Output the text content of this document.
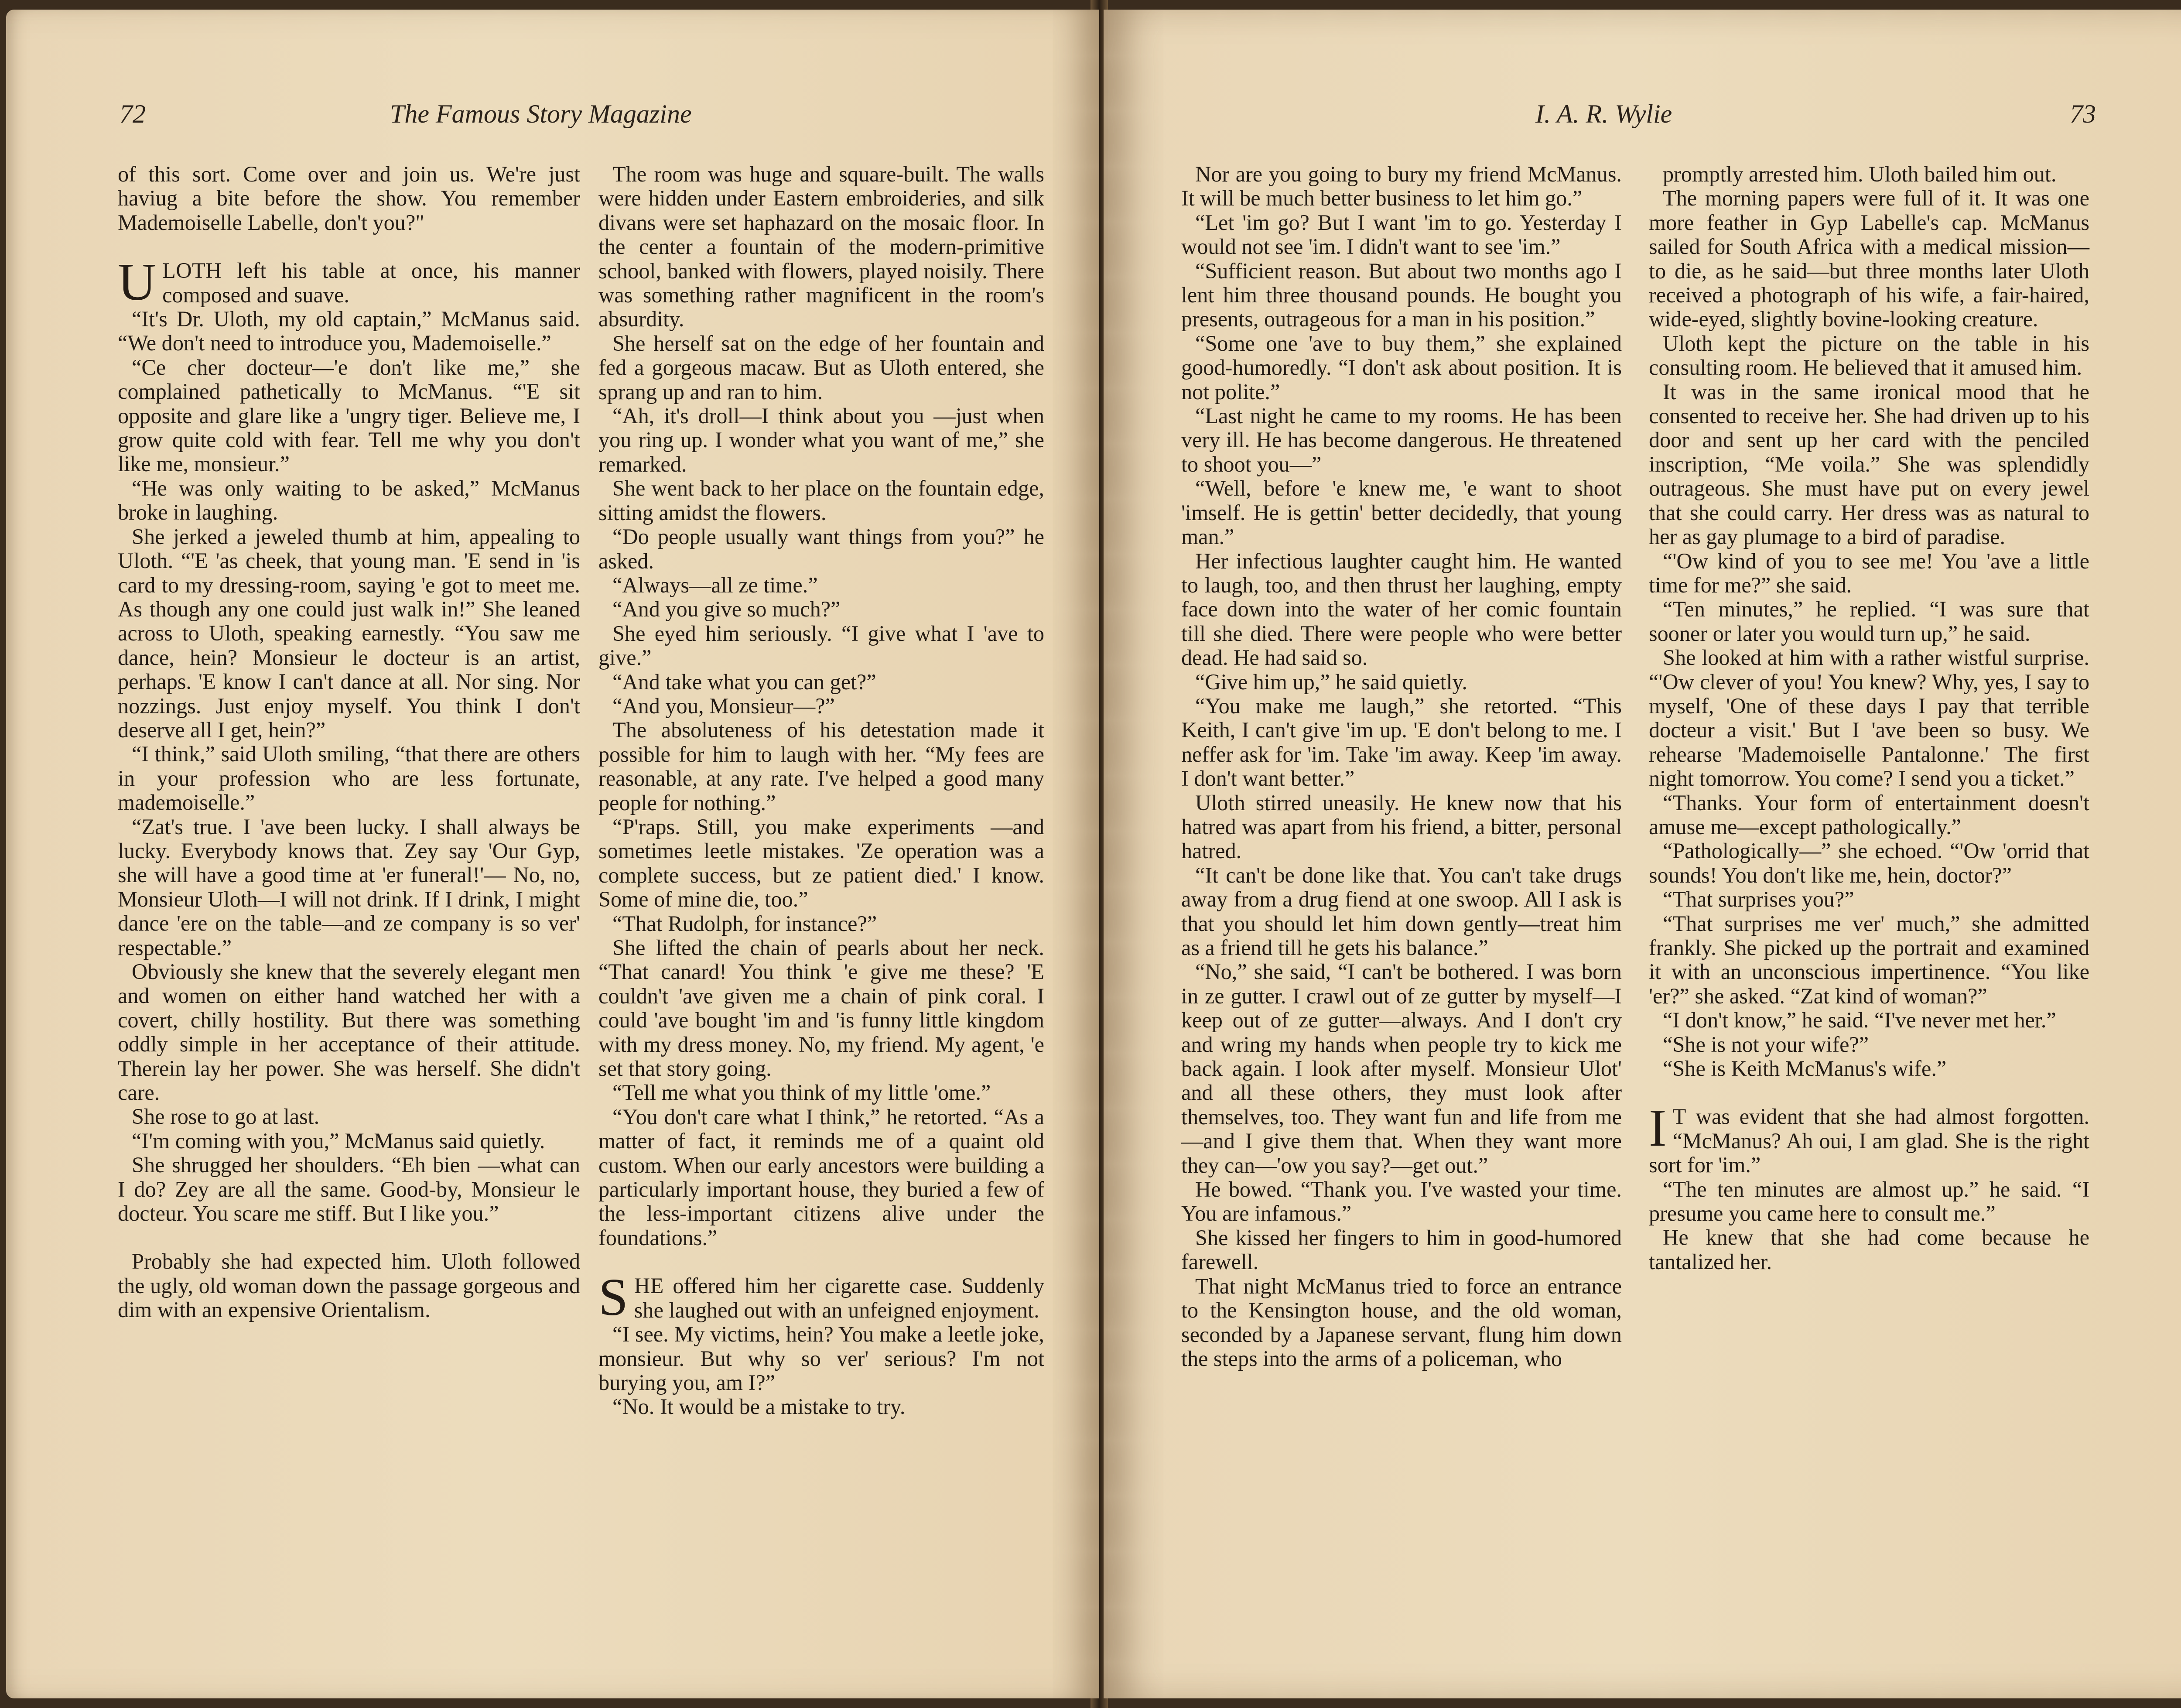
72	The Famous Story Magazine

of this sort. Come over and join us. We're just haviug a bite before the show. You remember Mademoiselle Labelle, don't you?"

U LOTH left his table at once, his manner composed and suave.

“It's Dr. Uloth, my old captain,” McManus said. “We don't need to introduce you, Mademoiselle.”

“Ce cher docteur—'e don't like me,” she complained pathetically to McManus. “'E sit opposite and glare like a 'ungry tiger. Believe me, I grow quite cold with fear. Tell me why you don't like me, monsieur.”

“He was only waiting to be asked,” McManus broke in laughing.

She jerked a jeweled thumb at him, appealing to Uloth. “'E 'as cheek, that young man. 'E send in 'is card to my dressing-room, saying 'e got to meet me. As though any one could just walk in!” She leaned across to Uloth, speaking earnestly. “You saw me dance, hein? Monsieur le docteur is an artist, perhaps. 'E know I can't dance at all. Nor sing. Nor nozzings. Just enjoy myself. You think I don't deserve all I get, hein?”

“I think,” said Uloth smiling, “that there are others in your profession who are less fortunate, mademoiselle.”

“Zat's true. I 'ave been lucky. I shall always be lucky. Everybody knows that. Zey say 'Our Gyp, she will have a good time at 'er funeral!'— No, no, Monsieur Uloth—I will not drink. If I drink, I might dance 'ere on the table—and ze company is so ver' respectable.”

Obviously she knew that the severely elegant men and women on either hand watched her with a covert, chilly hostility. But there was something oddly simple in her acceptance of their attitude. Therein lay her power. She was herself. She didn't care.

She rose to go at last.

“I'm coming with you,” McManus said quietly.

She shrugged her shoulders. “Eh bien —what can I do? Zey are all the same. Good-by, Monsieur le docteur. You scare me stiff. But I like you.”

Probably she had expected him. Uloth followed the ugly, old woman down the passage gorgeous and dim with an expensive Orientalism.

The room was huge and square-built. The walls were hidden under Eastern embroideries, and silk divans were set haphazard on the mosaic floor. In the center a fountain of the modern-primitive school, banked with flowers, played noisily. There was something rather magnificent in the room's absurdity.

She herself sat on the edge of her fountain and fed a gorgeous macaw. But as Uloth entered, she sprang up and ran to him.

“Ah, it's droll—I think about you —just when you ring up. I wonder what you want of me,” she remarked.

She went back to her place on the fountain edge, sitting amidst the flowers.

“Do people usually want things from you?” he asked.

“Always—all ze time.”

“And you give so much?”

She eyed him seriously. “I give what I 'ave to give.”

“And take what you can get?”

“And you, Monsieur—?”

The absoluteness of his detestation made it possible for him to laugh with her. “My fees are reasonable, at any rate. I've helped a good many people for nothing.”

“P'raps. Still, you make experiments —and sometimes leetle mistakes. 'Ze operation was a complete success, but ze patient died.' I know. Some of mine die, too.”

“That Rudolph, for instance?”

She lifted the chain of pearls about her neck. “That canard! You think 'e give me these? 'E couldn't 'ave given me a chain of pink coral. I could 'ave bought 'im and 'is funny little kingdom with my dress money. No, my friend. My agent, 'e set that story going.

“Tell me what you think of my little 'ome.”

“You don't care what I think,” he retorted. “As a matter of fact, it reminds me of a quaint old custom. When our early ancestors were building a particularly important house, they buried a few of the less-important citizens alive under the foundations.”

S HE offered him her cigarette case. Suddenly she laughed out with an unfeigned enjoyment.

“I see. My victims, hein? You make a leetle joke, monsieur. But why so ver' serious? I'm not burying you, am I?”

“No. It would be a mistake to try.

I. A. R. Wylie	73

Nor are you going to bury my friend McManus. It will be much better business to let him go.”

“Let 'im go? But I want 'im to go. Yesterday I would not see 'im. I didn't want to see 'im.”

“Sufficient reason. But about two months ago I lent him three thousand pounds. He bought you presents, outrageous for a man in his position.”

“Some one 'ave to buy them,” she explained good-humoredly. “I don't ask about position. It is not polite.”

“Last night he came to my rooms. He has been very ill. He has become dangerous. He threatened to shoot you—”

“Well, before 'e knew me, 'e want to shoot 'imself. He is gettin' better decidedly, that young man.”

Her infectious laughter caught him. He wanted to laugh, too, and then thrust her laughing, empty face down into the water of her comic fountain till she died. There were people who were better dead. He had said so.

“Give him up,” he said quietly.

“You make me laugh,” she retorted. “This Keith, I can't give 'im up. 'E don't belong to me. I neffer ask for 'im. Take 'im away. Keep 'im away. I don't want better.”

Uloth stirred uneasily. He knew now that his hatred was apart from his friend, a bitter, personal hatred.

“It can't be done like that. You can't take drugs away from a drug fiend at one swoop. All I ask is that you should let him down gently—treat him as a friend till he gets his balance.”

“No,” she said, “I can't be bothered. I was born in ze gutter. I crawl out of ze gutter by myself—I keep out of ze gutter—always. And I don't cry and wring my hands when people try to kick me back again. I look after myself. Monsieur Ulot' and all these others, they must look after themselves, too. They want fun and life from me—and I give them that. When they want more they can—'ow you say?—get out.”

He bowed. “Thank you. I've wasted your time. You are infamous.”

She kissed her fingers to him in good-humored farewell.

That night McManus tried to force an entrance to the Kensington house, and the old woman, seconded by a Japanese servant, flung him down the steps into the arms of a policeman, who

promptly arrested him. Uloth bailed him out.

The morning papers were full of it. It was one more feather in Gyp Labelle's cap. McManus sailed for South Africa with a medical mission—to die, as he said—but three months later Uloth received a photograph of his wife, a fair-haired, wide-eyed, slightly bovine-looking creature.

Uloth kept the picture on the table in his consulting room. He believed that it amused him.

It was in the same ironical mood that he consented to receive her. She had driven up to his door and sent up her card with the penciled inscription, “Me voila.” She was splendidly outrageous. She must have put on every jewel that she could carry. Her dress was as natural to her as gay plumage to a bird of paradise.

“'Ow kind of you to see me! You 'ave a little time for me?” she said.

“Ten minutes,” he replied. “I was sure that sooner or later you would turn up,” he said.

She looked at him with a rather wistful surprise. “'Ow clever of you! You knew? Why, yes, I say to myself, 'One of these days I pay that terrible docteur a visit.' But I 'ave been so busy. We rehearse 'Mademoiselle Pantalonne.' The first night tomorrow. You come? I send you a ticket.”

“Thanks. Your form of entertainment doesn't amuse me—except pathologically.”

“Pathologically—” she echoed. “'Ow 'orrid that sounds! You don't like me, hein, doctor?”

“That surprises you?”

“That surprises me ver' much,” she admitted frankly. She picked up the portrait and examined it with an unconscious impertinence. “You like 'er?” she asked. “Zat kind of woman?”

“I don't know,” he said. “I've never met her.”

“She is not your wife?”

“She is Keith McManus's wife.”

I T was evident that she had almost forgotten. “McManus? Ah oui, I am glad. She is the right sort for 'im.”

“The ten minutes are almost up.” he said. “I presume you came here to consult me.”

He knew that she had come because he tantalized her.
